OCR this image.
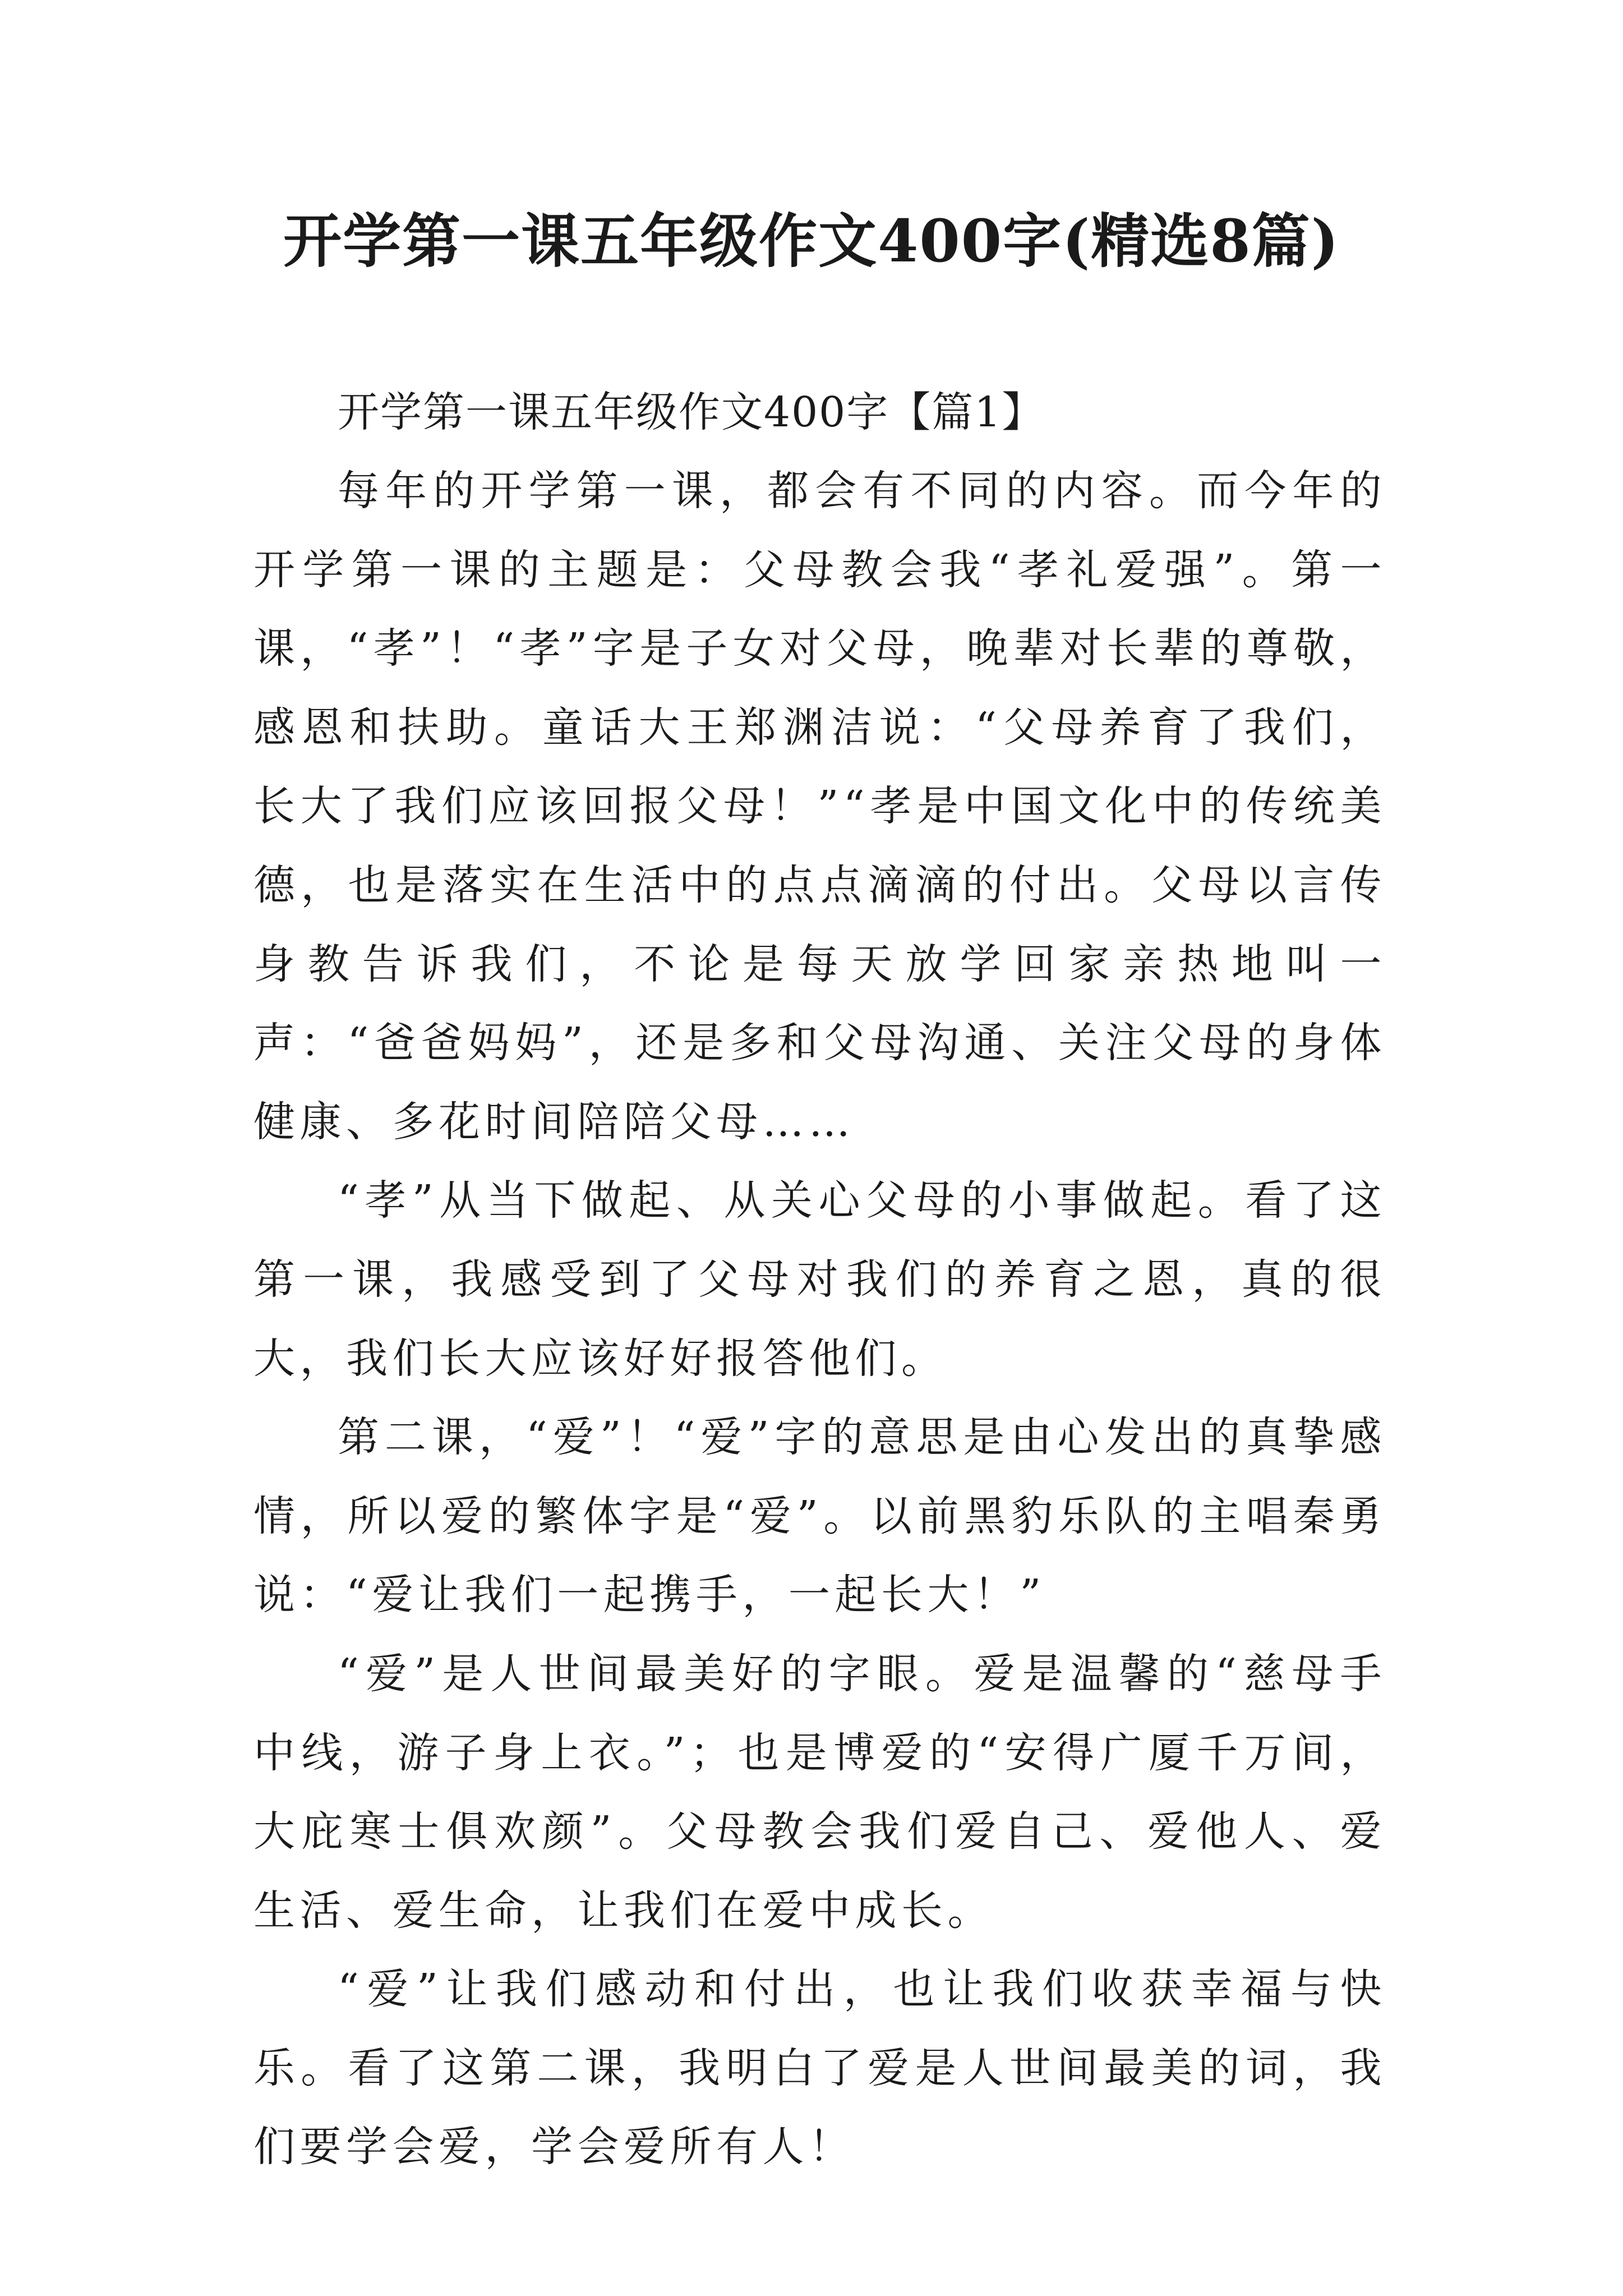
开学第一课五年级作文400字(精选8篇)
开学第一课五年级作文400字【篇1】

每年的开学第一课，都会有不同的内容。而今年的开学第一课的主题是：父母教会我“孝礼爱强”。第一课，“孝”！“孝”字是子女对父母，晚辈对长辈的尊敬，感恩和扶助。童话大王郑渊洁说：“父母养育了我们，长大了我们应该回报父母！”“孝是中国文化中的传统美德，也是落实在生活中的点点滴滴的付出。父母以言传身教告诉我们，不论是每天放学回家亲热地叫一声：“爸爸妈妈”，还是多和父母沟通、关注父母的身体健康、多花时间陪陪父母……

“孝”从当下做起、从关心父母的小事做起。看了这第一课，我感受到了父母对我们的养育之恩，真的很大，我们长大应该好好报答他们。

第二课，“爱”！“爱”字的意思是由心发出的真挚感情，所以爱的繁体字是“爱”。以前黑豹乐队的主唱秦勇说：“爱让我们一起携手，一起长大！”

“爱”是人世间最美好的字眼。爱是温馨的“慈母手中线，游子身上衣。”；也是博爱的“安得广厦千万间，大庇寒士俱欢颜”。父母教会我们爱自己、爱他人、爱生活、爱生命，让我们在爱中成长。

“爱”让我们感动和付出，也让我们收获幸福与快乐。看了这第二课，我明白了爱是人世间最美的词，我们要学会爱，学会爱所有人！
